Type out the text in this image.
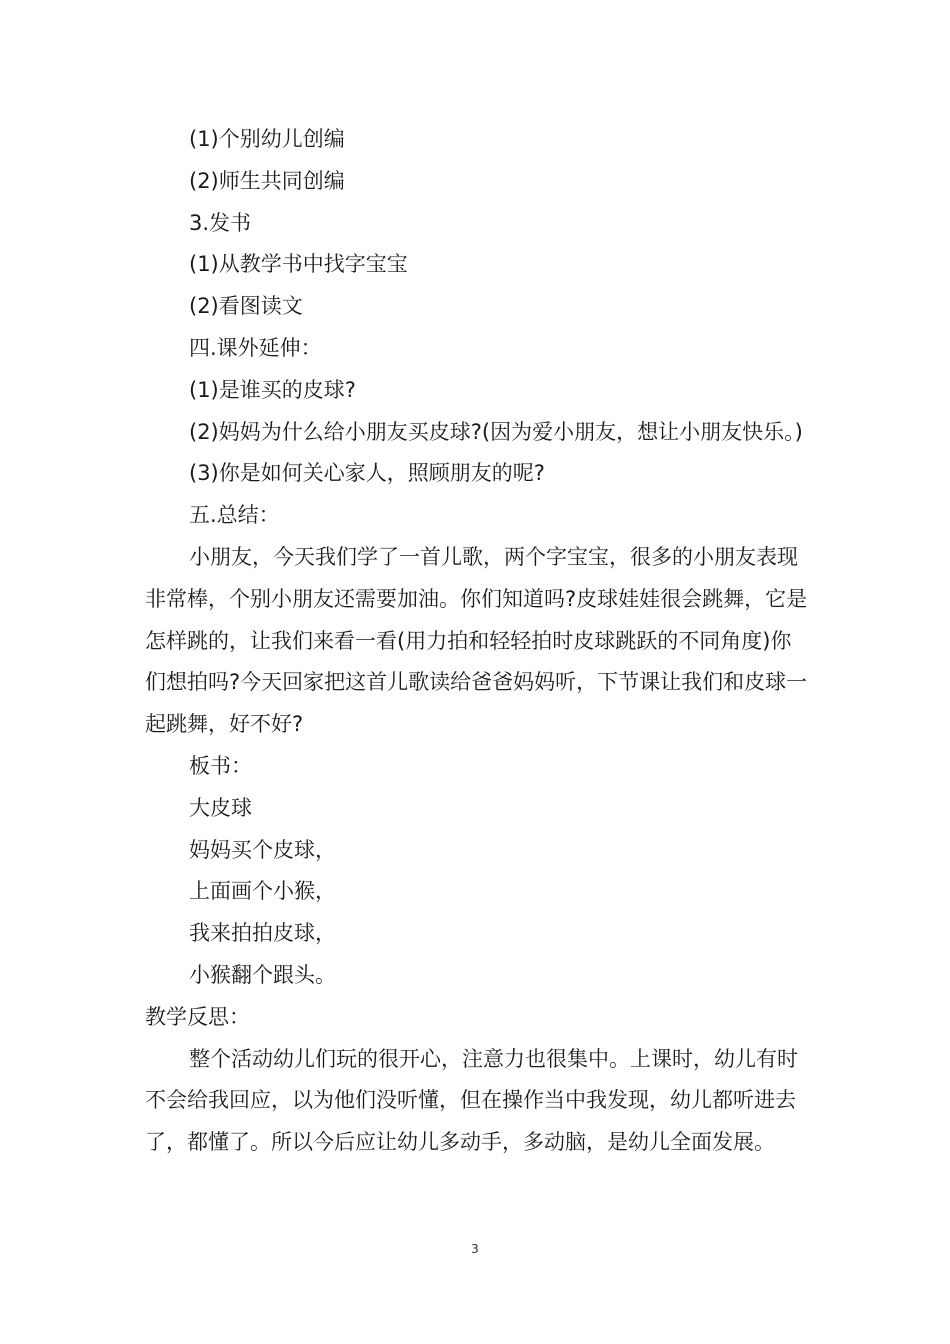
(1)个别幼儿创编

(2)师生共同创编

3.发书

(1)从教学书中找字宝宝

(2)看图读文

四.课外延伸：

(1)是谁买的皮球?

(2)妈妈为什么给小朋友买皮球?(因为爱小朋友，想让小朋友快乐。)

(3)你是如何关心家人，照顾朋友的呢?

五.总结：

小朋友，今天我们学了一首儿歌，两个字宝宝，很多的小朋友表现非常棒，个别小朋友还需要加油。你们知道吗?皮球娃娃很会跳舞，它是怎样跳的，让我们来看一看(用力拍和轻轻拍时皮球跳跃的不同角度)你们想拍吗?今天回家把这首儿歌读给爸爸妈妈听，下节课让我们和皮球一起跳舞，好不好?

板书：

大皮球

妈妈买个皮球，

上面画个小猴，

我来拍拍皮球，

小猴翻个跟头。

教学反思：

整个活动幼儿们玩的很开心，注意力也很集中。上课时，幼儿有时不会给我回应，以为他们没听懂，但在操作当中我发现，幼儿都听进去了，都懂了。所以今后应让幼儿多动手，多动脑，是幼儿全面发展。

3
